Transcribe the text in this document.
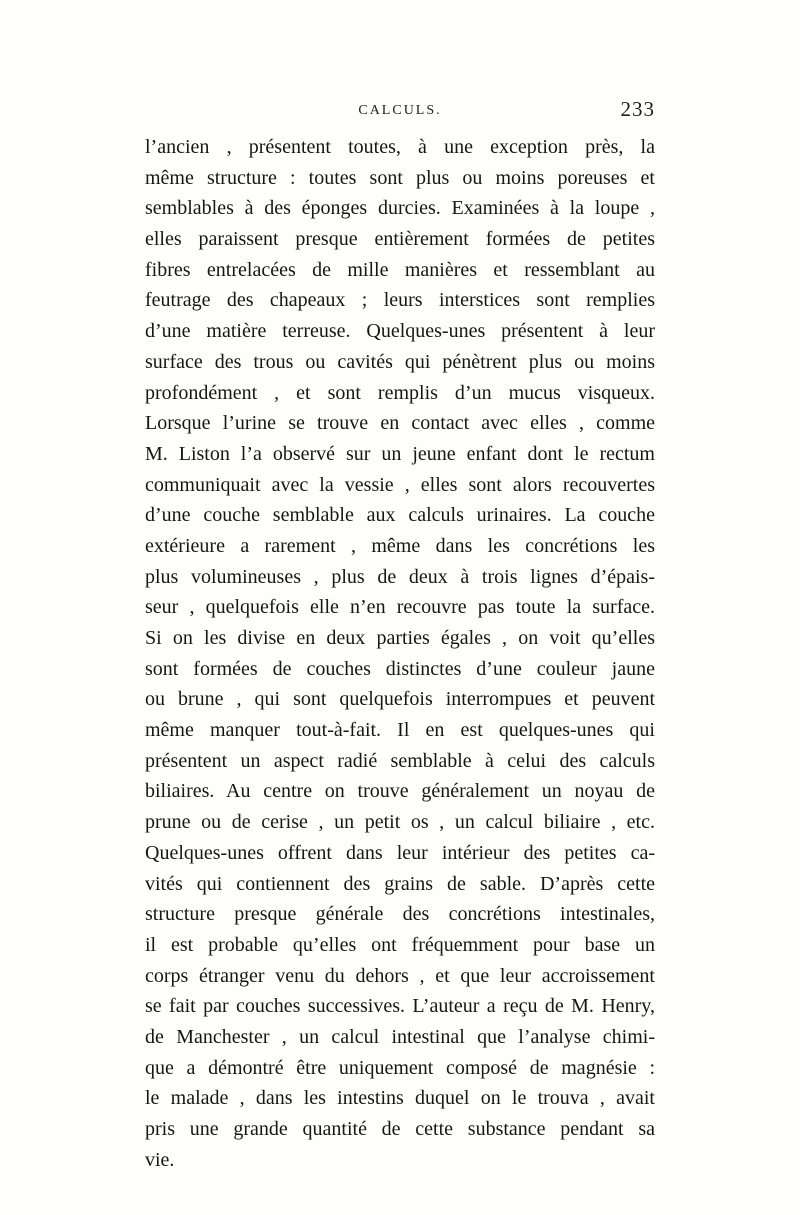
CALCULS.	233
l’ancien , présentent toutes, à une exception près, la
même structure : toutes sont plus ou moins poreuses et
semblables à des éponges durcies. Examinées à la loupe ,
elles paraissent presque entièrement formées de petites
fibres entrelacées de mille manières et ressemblant au
feutrage des chapeaux ; leurs interstices sont remplies
d’une matière terreuse. Quelques-unes présentent à leur
surface des trous ou cavités qui pénètrent plus ou moins
profondément , et sont remplis d’un mucus visqueux.
Lorsque l’urine se trouve en contact avec elles , comme
M. Liston l’a observé sur un jeune enfant dont le rectum
communiquait avec la vessie , elles sont alors recouvertes
d’une couche semblable aux calculs urinaires. La couche
extérieure a rarement , même dans les concrétions les
plus volumineuses , plus de deux à trois lignes d’épais-
seur , quelquefois elle n’en recouvre pas toute la surface.
Si on les divise en deux parties égales , on voit qu’elles
sont formées de couches distinctes d’une couleur jaune
ou brune , qui sont quelquefois interrompues et peuvent
même manquer tout-à-fait. Il en est quelques-unes qui
présentent un aspect radié semblable à celui des calculs
biliaires. Au centre on trouve généralement un noyau de
prune ou de cerise , un petit os , un calcul biliaire , etc.
Quelques-unes offrent dans leur intérieur des petites ca-
vités qui contiennent des grains de sable. D’après cette
structure presque générale des concrétions intestinales,
il est probable qu’elles ont fréquemment pour base un
corps étranger venu du dehors , et que leur accroissement
se fait par couches successives. L’auteur a reçu de M. Henry,
de Manchester , un calcul intestinal que l’analyse chimi-
que a démontré être uniquement composé de magnésie :
le malade , dans les intestins duquel on le trouva , avait
pris une grande quantité de cette substance pendant sa
vie.
